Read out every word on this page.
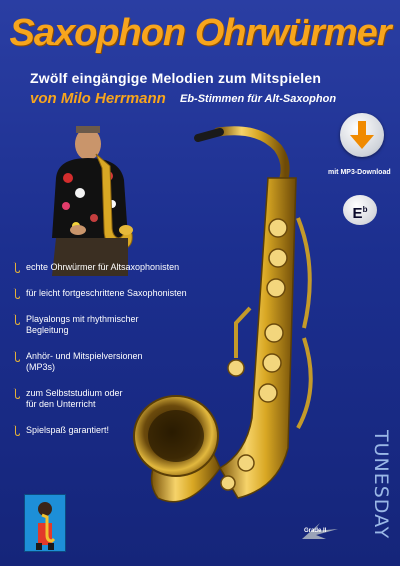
Saxophon Ohrwürmer
Zwölf eingängige Melodien zum Mitspielen
von Milo Herrmann Eb-Stimmen für Alt-Saxophon
mit MP3-Download
$E^b$
echte Ohrwürmer für Altsaxophonisten
für leicht fortgeschrittene Saxophonisten
Playalongs mit rhythmischer
Begleitung
Anhör- und Mitspielversionen
(MP3s)
zum Selbststudium oder
für den Unterricht
Spielspaß garantiert!	TUNESDAY
Grade II
